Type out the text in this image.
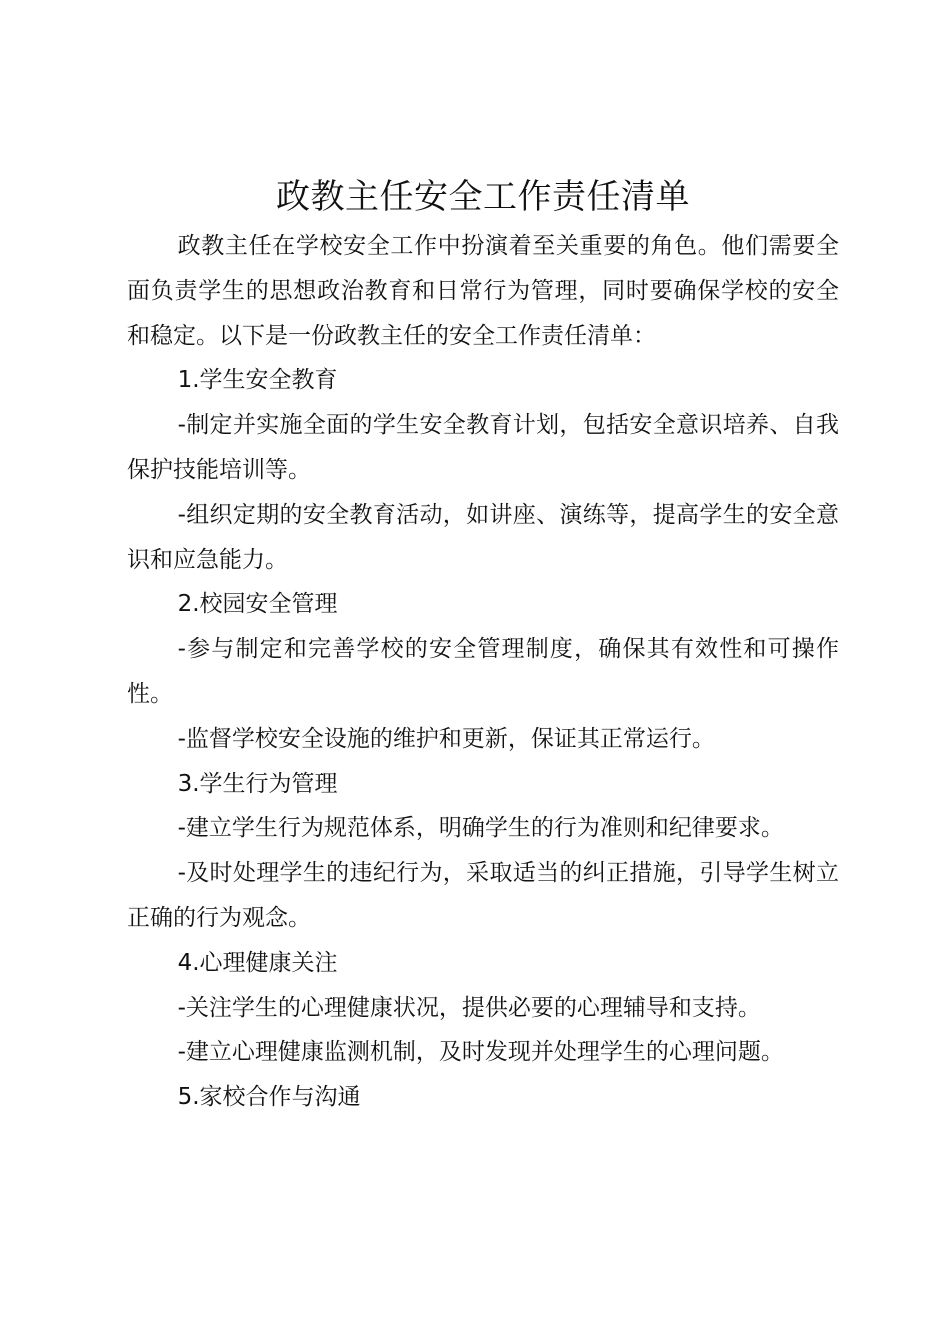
政教主任安全工作责任清单

政教主任在学校安全工作中扮演着至关重要的角色。他们需要全面负责学生的思想政治教育和日常行为管理，同时要确保学校的安全和稳定。以下是一份政教主任的安全工作责任清单：

1.学生安全教育

-制定并实施全面的学生安全教育计划，包括安全意识培养、自我保护技能培训等。

-组织定期的安全教育活动，如讲座、演练等，提高学生的安全意识和应急能力。

2.校园安全管理

-参与制定和完善学校的安全管理制度，确保其有效性和可操作性。

-监督学校安全设施的维护和更新，保证其正常运行。

3.学生行为管理

-建立学生行为规范体系，明确学生的行为准则和纪律要求。

-及时处理学生的违纪行为，采取适当的纠正措施，引导学生树立正确的行为观念。

4.心理健康关注

-关注学生的心理健康状况，提供必要的心理辅导和支持。

-建立心理健康监测机制，及时发现并处理学生的心理问题。

5.家校合作与沟通
